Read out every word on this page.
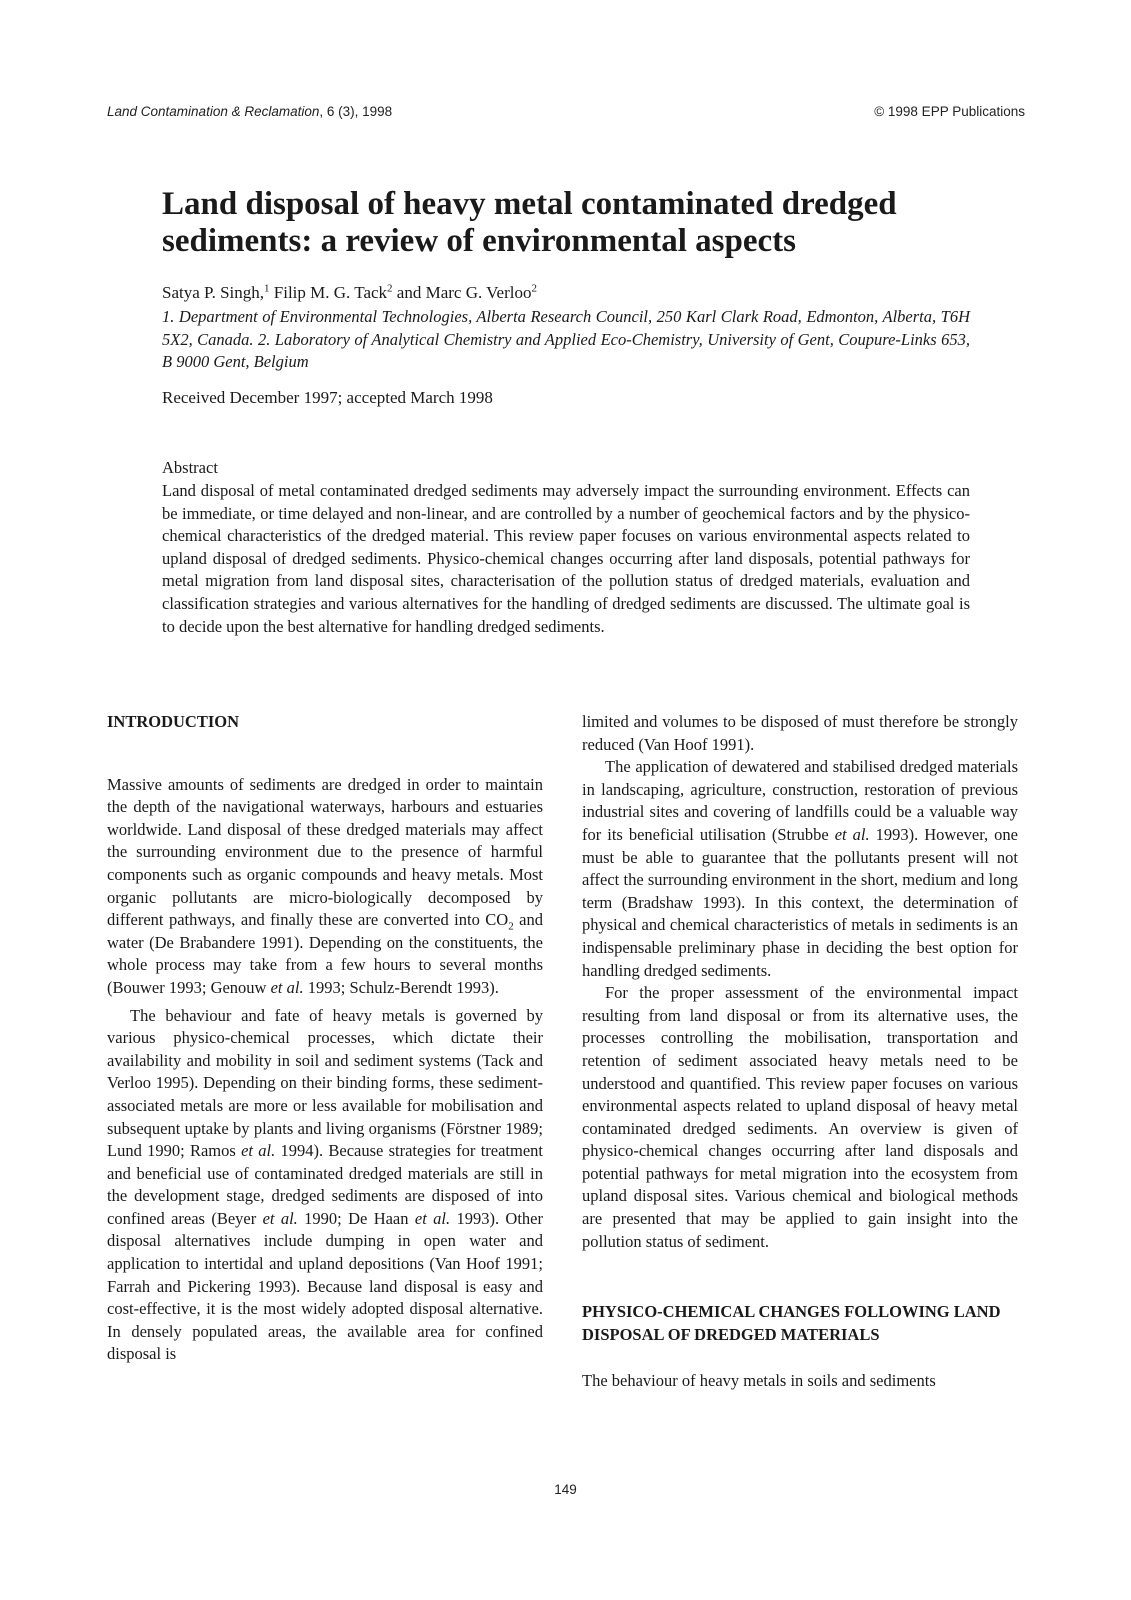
Land Contamination & Reclamation, 6 (3), 1998	© 1998 EPP Publications
Land disposal of heavy metal contaminated dredged sediments: a review of environmental aspects
Satya P. Singh,$^1$ Filip M. G. Tack$^2$ and Marc G. Verloo$^2$
1. Department of Environmental Technologies, Alberta Research Council, 250 Karl Clark Road, Edmonton, Alberta, T6H 5X2, Canada. 2. Laboratory of Analytical Chemistry and Applied Eco-Chemistry, University of Gent, Coupure-Links 653, B 9000 Gent, Belgium
Received December 1997; accepted March 1998
Abstract
Land disposal of metal contaminated dredged sediments may adversely impact the surrounding environment. Effects can be immediate, or time delayed and non-linear, and are controlled by a number of geochemical factors and by the physico-chemical characteristics of the dredged material. This review paper focuses on various environmental aspects related to upland disposal of dredged sediments. Physico-chemical changes occurring after land disposals, potential pathways for metal migration from land disposal sites, characterisation of the pollution status of dredged materials, evaluation and classification strategies and various alternatives for the handling of dredged sediments are discussed. The ultimate goal is to decide upon the best alternative for handling dredged sediments.

INTRODUCTION

Massive amounts of sediments are dredged in order to maintain the depth of the navigational waterways, harbours and estuaries worldwide. Land disposal of these dredged materials may affect the surrounding environment due to the presence of harmful components such as organic compounds and heavy metals. Most organic pollutants are micro-biologically decomposed by different pathways, and finally these are converted into $CO_2$ and water (De Brabandere 1991). Depending on the constituents, the whole process may take from a few hours to several months (Bouwer 1993; Genouw et al. 1993; Schulz-Berendt 1993).

The behaviour and fate of heavy metals is governed by various physico-chemical processes, which dictate their availability and mobility in soil and sediment systems (Tack and Verloo 1995). Depending on their binding forms, these sediment-associated metals are more or less available for mobilisation and subsequent uptake by plants and living organisms (Förstner 1989; Lund 1990; Ramos et al. 1994). Because strategies for treatment and beneficial use of contaminated dredged materials are still in the development stage, dredged sediments are disposed of into confined areas (Beyer et al. 1990; De Haan et al. 1993). Other disposal alternatives include dumping in open water and application to intertidal and upland depositions (Van Hoof 1991; Farrah and Pickering 1993). Because land disposal is easy and cost-effective, it is the most widely adopted disposal alternative. In densely populated areas, the available area for confined disposal is

limited and volumes to be disposed of must therefore be strongly reduced (Van Hoof 1991).

The application of dewatered and stabilised dredged materials in landscaping, agriculture, construction, restoration of previous industrial sites and covering of landfills could be a valuable way for its beneficial utilisation (Strubbe et al. 1993). However, one must be able to guarantee that the pollutants present will not affect the surrounding environment in the short, medium and long term (Bradshaw 1993). In this context, the determination of physical and chemical characteristics of metals in sediments is an indispensable preliminary phase in deciding the best option for handling dredged sediments.

For the proper assessment of the environmental impact resulting from land disposal or from its alternative uses, the processes controlling the mobilisation, transportation and retention of sediment associated heavy metals need to be understood and quantified. This review paper focuses on various environmental aspects related to upland disposal of heavy metal contaminated dredged sediments. An overview is given of physico-chemical changes occurring after land disposals and potential pathways for metal migration into the ecosystem from upland disposal sites. Various chemical and biological methods are presented that may be applied to gain insight into the pollution status of sediment.

PHYSICO-CHEMICAL CHANGES FOLLOWING LAND DISPOSAL OF DREDGED MATERIALS

The behaviour of heavy metals in soils and sediments

149
